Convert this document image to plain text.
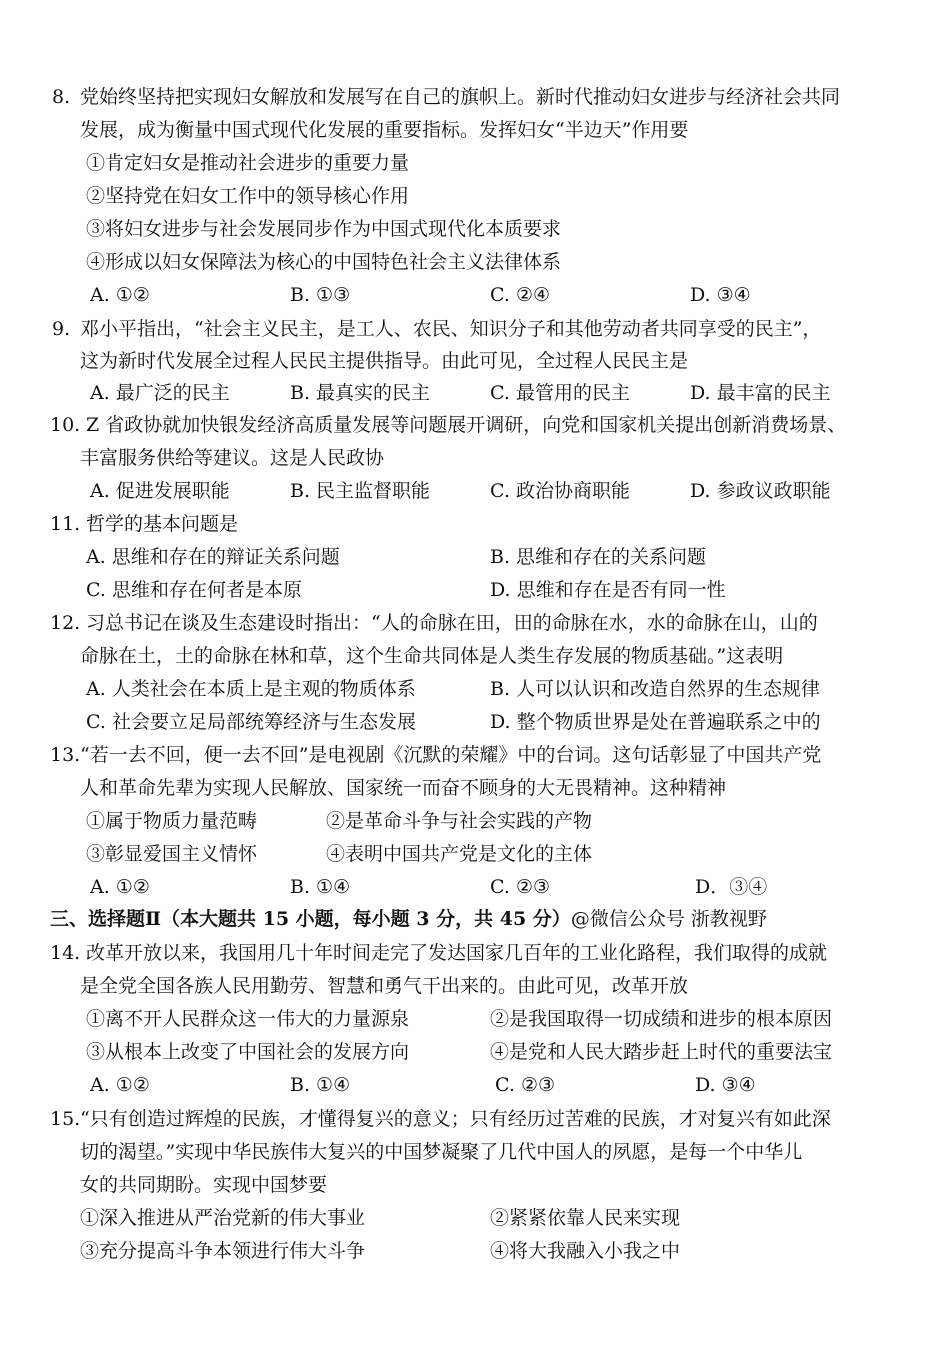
8. 党始终坚持把实现妇女解放和发展写在自己的旗帜上。新时代推动妇女进步与经济社会共同
发展，成为衡量中国式现代化发展的重要指标。发挥妇女“半边天”作用要
①肯定妇女是推动社会进步的重要力量
②坚持党在妇女工作中的领导核心作用
③将妇女进步与社会发展同步作为中国式现代化本质要求
④形成以妇女保障法为核心的中国特色社会主义法律体系
A. ①②	B. ①③	C. ②④	D. ③④
9. 邓小平指出，“社会主义民主，是工人、农民、知识分子和其他劳动者共同享受的民主”，
这为新时代发展全过程人民民主提供指导。由此可见，全过程人民民主是
A. 最广泛的民主	B. 最真实的民主	C. 最管用的民主	D. 最丰富的民主
10. Z 省政协就加快银发经济高质量发展等问题展开调研，向党和国家机关提出创新消费场景、
丰富服务供给等建议。这是人民政协
A. 促进发展职能	B. 民主监督职能	C. 政治协商职能	D. 参政议政职能
11. 哲学的基本问题是
A. 思维和存在的辩证关系问题	B. 思维和存在的关系问题
C. 思维和存在何者是本原	D. 思维和存在是否有同一性
12. 习总书记在谈及生态建设时指出：“人的命脉在田，田的命脉在水，水的命脉在山，山的
命脉在土，土的命脉在林和草，这个生命共同体是人类生存发展的物质基础。”这表明
A. 人类社会在本质上是主观的物质体系	B. 人可以认识和改造自然界的生态规律
C. 社会要立足局部统筹经济与生态发展	D. 整个物质世界是处在普遍联系之中的
13. “若一去不回，便一去不回”是电视剧《沉默的荣耀》中的台词。这句话彰显了中国共产党
人和革命先辈为实现人民解放、国家统一而奋不顾身的大无畏精神。这种精神
①属于物质力量范畴	②是革命斗争与社会实践的产物
③彰显爱国主义情怀	④表明中国共产党是文化的主体
A. ①②	B. ①④	C. ②③	D．③④
三、选择题Ⅱ（本大题共 15 小题，每小题 3 分，共 45 分）@微信公众号 浙教视野
14. 改革开放以来，我国用几十年时间走完了发达国家几百年的工业化路程，我们取得的成就
是全党全国各族人民用勤劳、智慧和勇气干出来的。由此可见，改革开放
①离不开人民群众这一伟大的力量源泉	②是我国取得一切成绩和进步的根本原因
③从根本上改变了中国社会的发展方向	④是党和人民大踏步赶上时代的重要法宝
A. ①②	B. ①④	C. ②③	D. ③④
15. “只有创造过辉煌的民族，才懂得复兴的意义；只有经历过苦难的民族，才对复兴有如此深
切的渴望。”实现中华民族伟大复兴的中国梦凝聚了几代中国人的夙愿，是每一个中华儿
女的共同期盼。实现中国梦要
①深入推进从严治党新的伟大事业	②紧紧依靠人民来实现
③充分提高斗争本领进行伟大斗争	④将大我融入小我之中
